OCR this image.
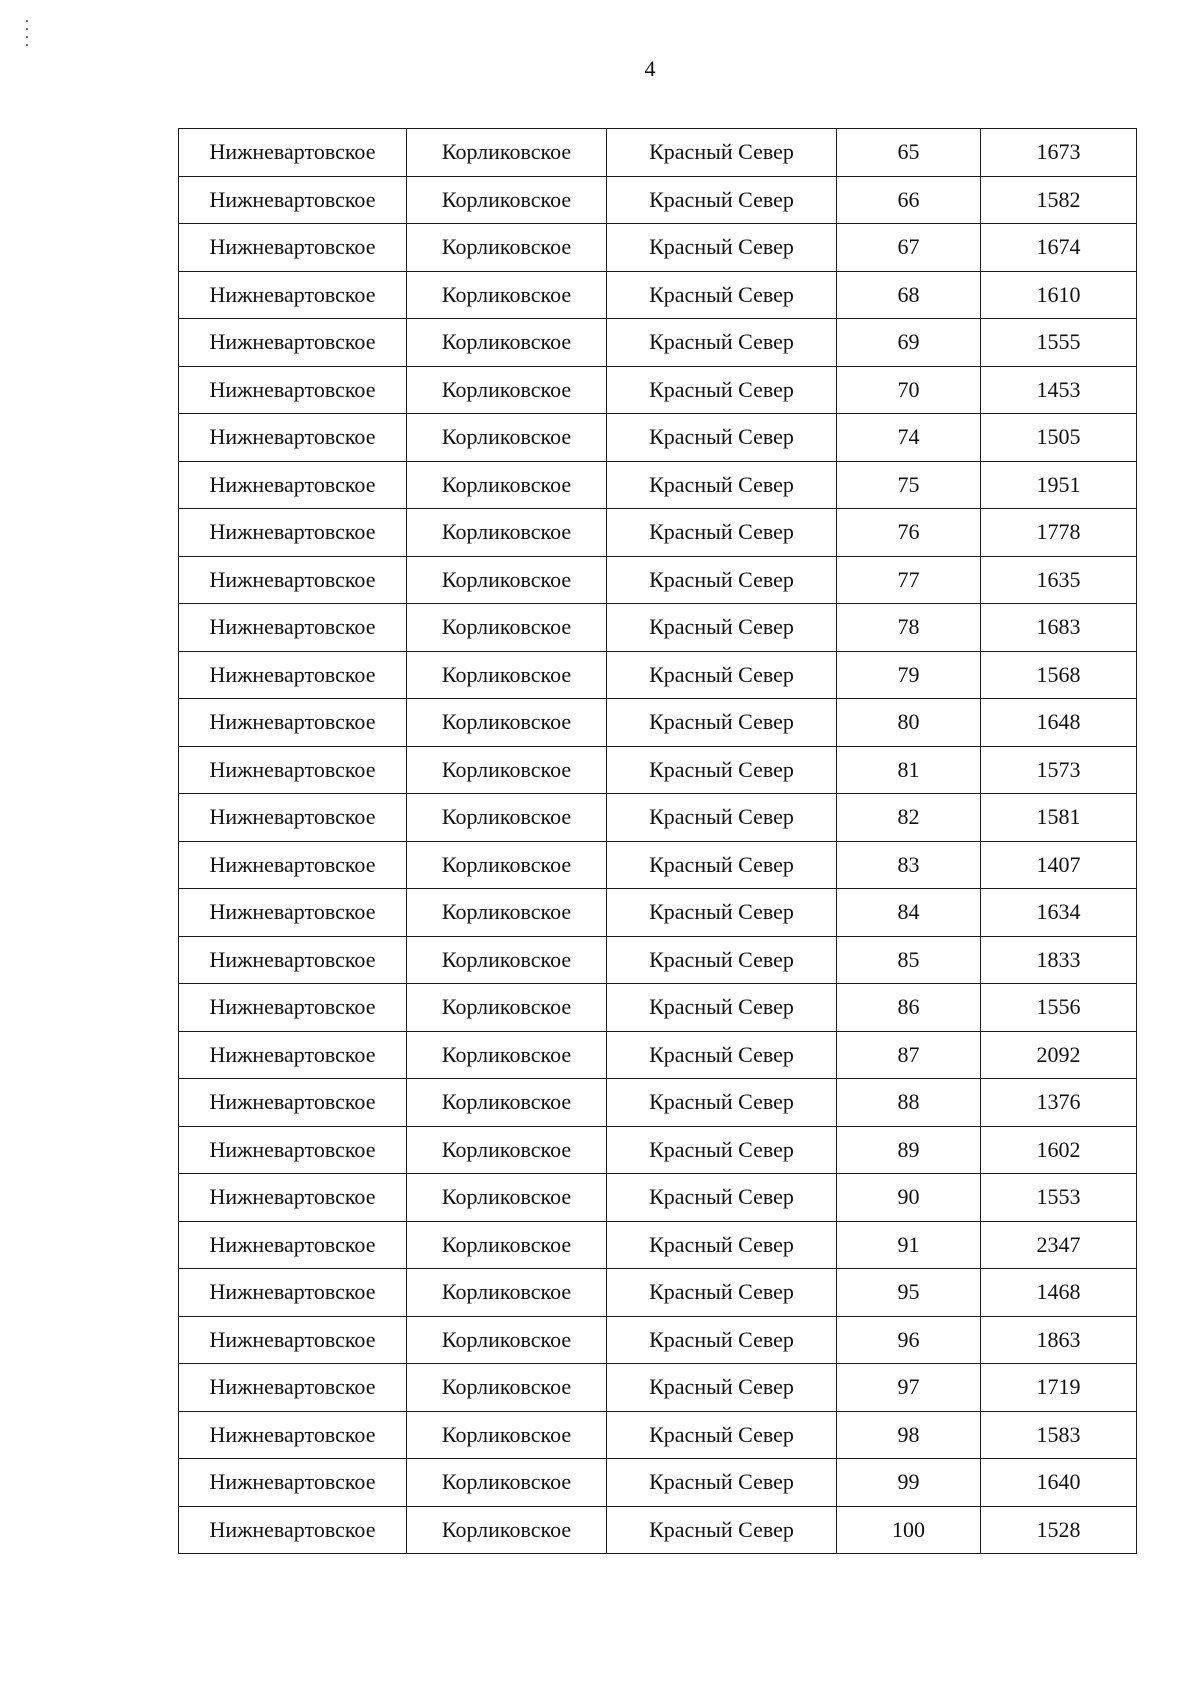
4
Нижневартовское	Корликовское	Красный Север	65	1673
Нижневартовское	Корликовское	Красный Север	66	1582
Нижневартовское	Корликовское	Красный Север	67	1674
Нижневартовское	Корликовское	Красный Север	68	1610
Нижневартовское	Корликовское	Красный Север	69	1555
Нижневартовское	Корликовское	Красный Север	70	1453
Нижневартовское	Корликовское	Красный Север	74	1505
Нижневартовское	Корликовское	Красный Север	75	1951
Нижневартовское	Корликовское	Красный Север	76	1778
Нижневартовское	Корликовское	Красный Север	77	1635
Нижневартовское	Корликовское	Красный Север	78	1683
Нижневартовское	Корликовское	Красный Север	79	1568
Нижневартовское	Корликовское	Красный Север	80	1648
Нижневартовское	Корликовское	Красный Север	81	1573
Нижневартовское	Корликовское	Красный Север	82	1581
Нижневартовское	Корликовское	Красный Север	83	1407
Нижневартовское	Корликовское	Красный Север	84	1634
Нижневартовское	Корликовское	Красный Север	85	1833
Нижневартовское	Корликовское	Красный Север	86	1556
Нижневартовское	Корликовское	Красный Север	87	2092
Нижневартовское	Корликовское	Красный Север	88	1376
Нижневартовское	Корликовское	Красный Север	89	1602
Нижневартовское	Корликовское	Красный Север	90	1553
Нижневартовское	Корликовское	Красный Север	91	2347
Нижневартовское	Корликовское	Красный Север	95	1468
Нижневартовское	Корликовское	Красный Север	96	1863
Нижневартовское	Корликовское	Красный Север	97	1719
Нижневартовское	Корликовское	Красный Север	98	1583
Нижневартовское	Корликовское	Красный Север	99	1640
Нижневартовское	Корликовское	Красный Север	100	1528
